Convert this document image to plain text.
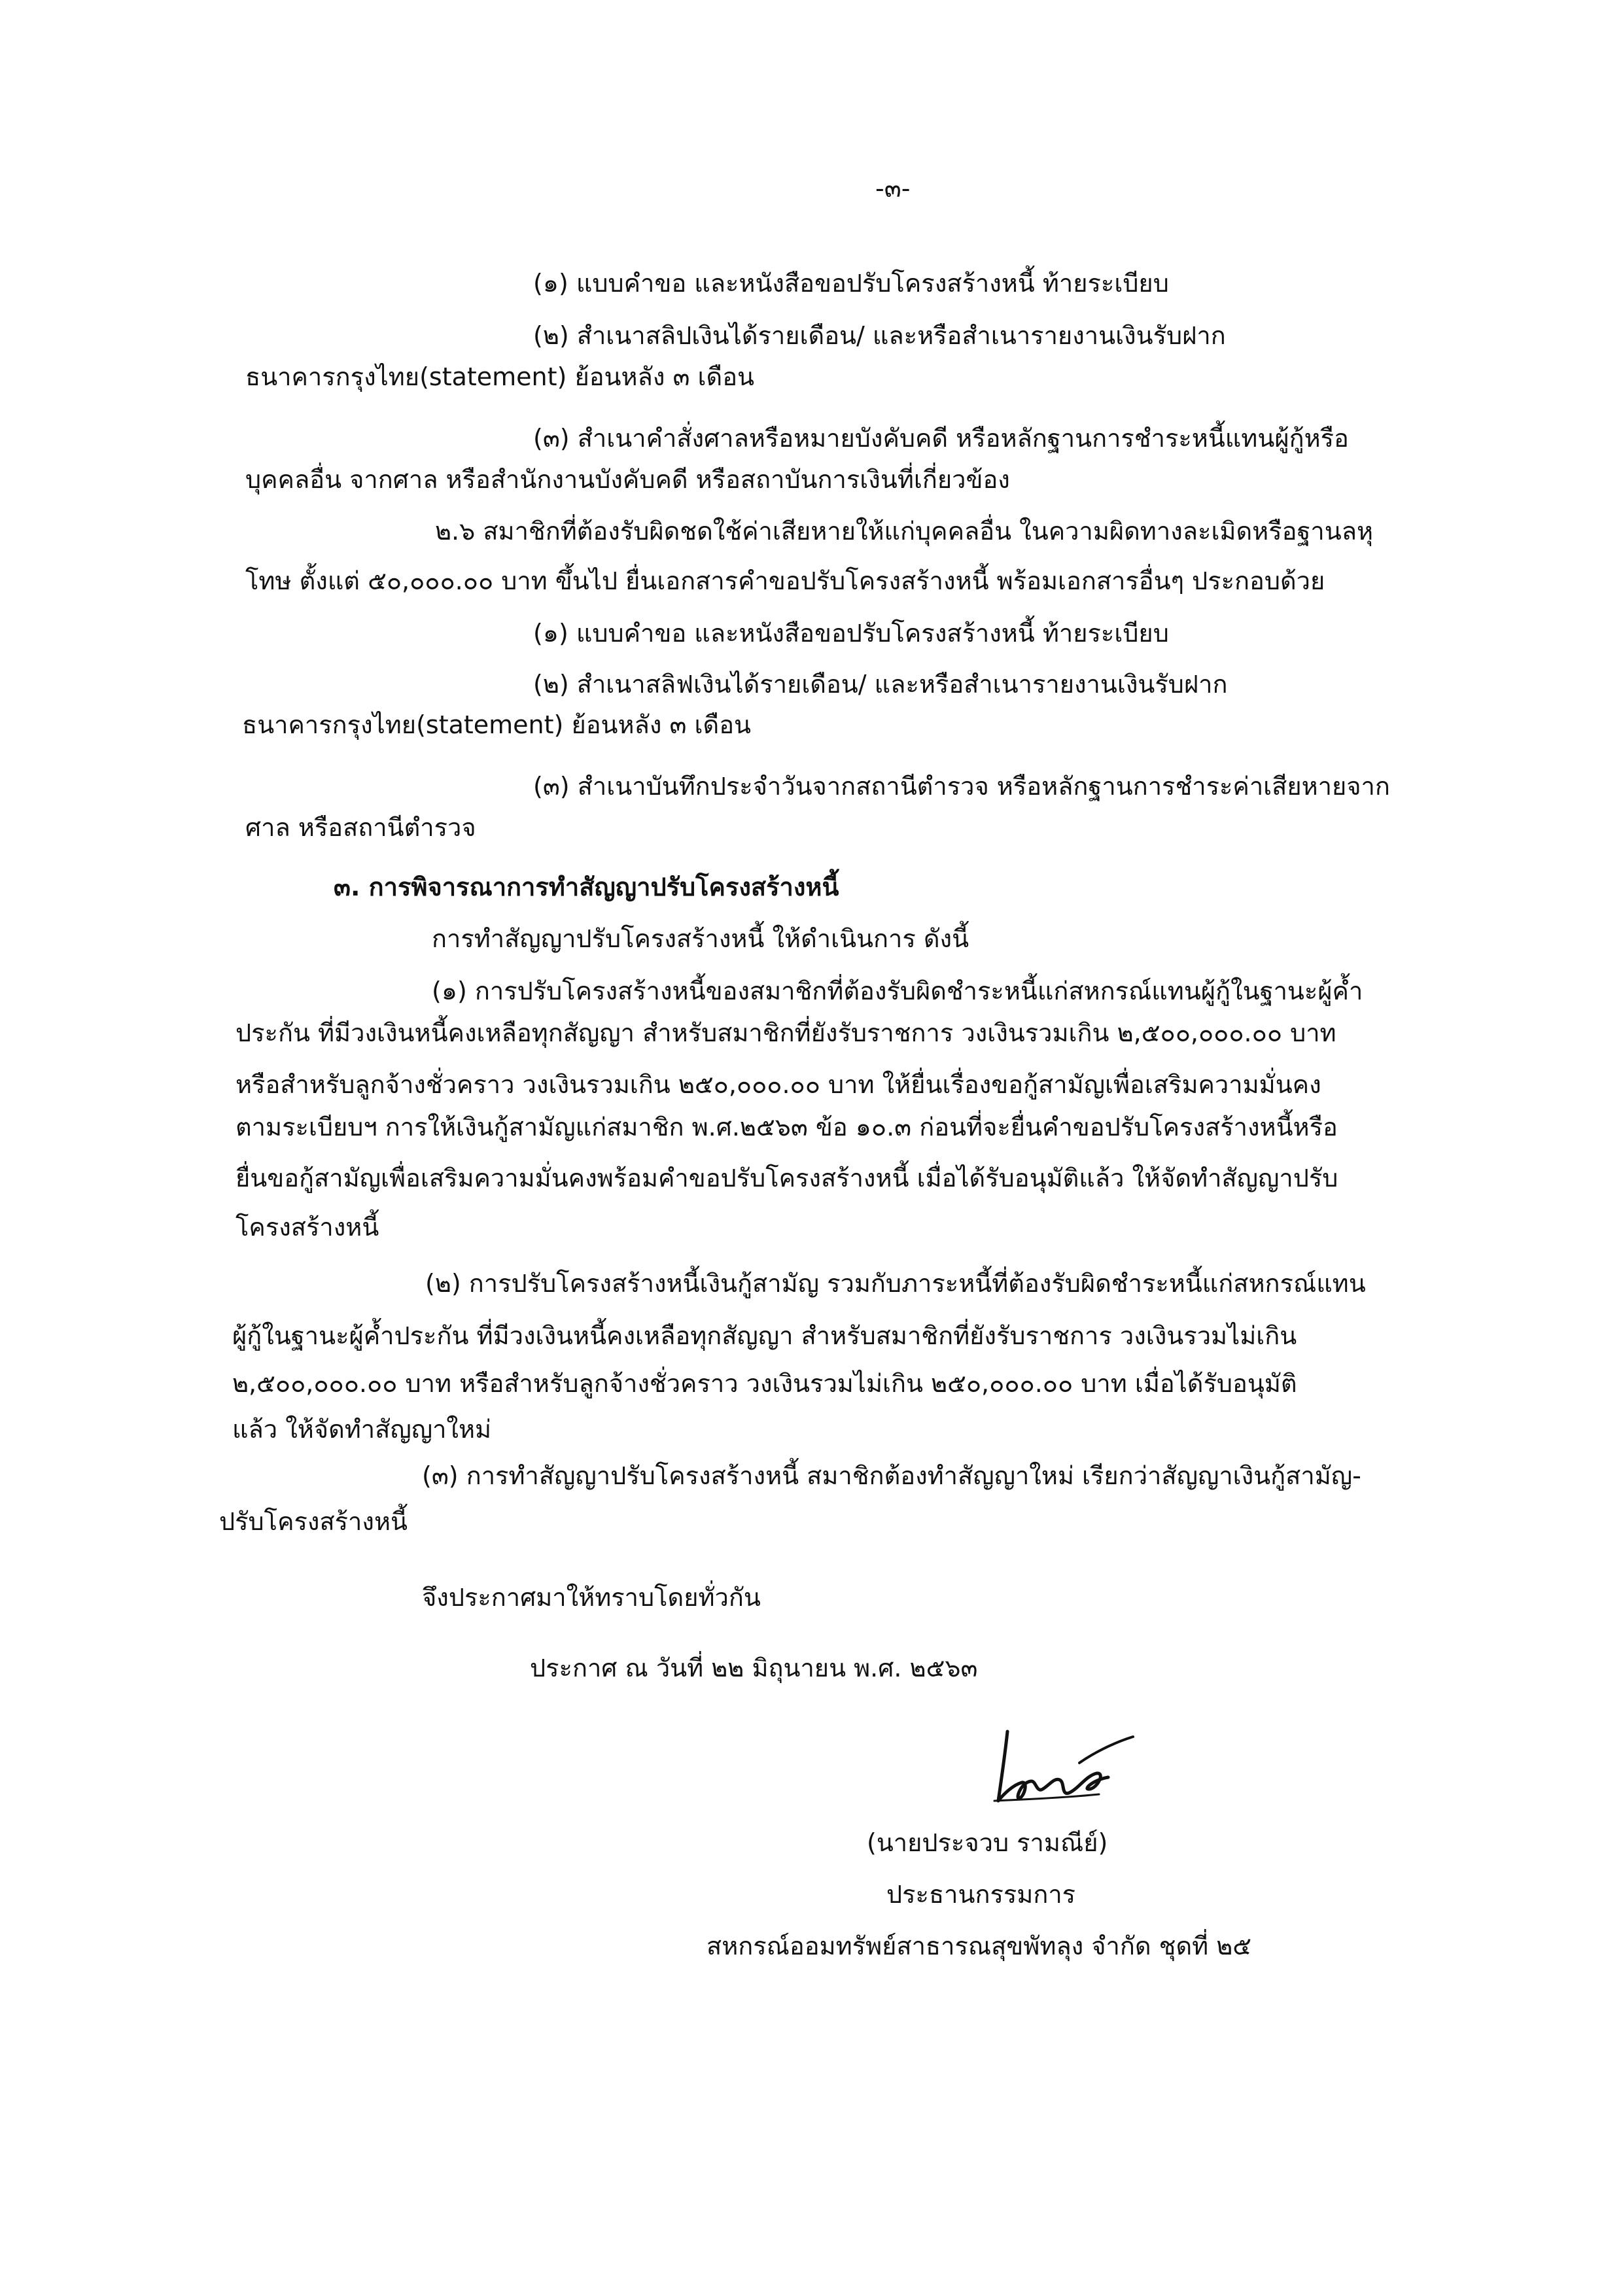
-๓-

(๑) แบบคำขอ และหนังสือขอปรับโครงสร้างหนี้ ท้ายระเบียบ

(๒) สำเนาสลิปเงินได้รายเดือน/ และหรือสำเนารายงานเงินรับฝาก

ธนาคารกรุงไทย(statement) ย้อนหลัง ๓ เดือน

(๓) สำเนาคำสั่งศาลหรือหมายบังคับคดี หรือหลักฐานการชำระหนี้แทนผู้กู้หรือ

บุคคลอื่น จากศาล หรือสำนักงานบังคับคดี หรือสถาบันการเงินที่เกี่ยวข้อง

๒.๖ สมาชิกที่ต้องรับผิดชดใช้ค่าเสียหายให้แก่บุคคลอื่น ในความผิดทางละเมิดหรือฐานลหุ

โทษ ตั้งแต่ ๕๐,๐๐๐.๐๐ บาท ขึ้นไป ยื่นเอกสารคำขอปรับโครงสร้างหนี้ พร้อมเอกสารอื่นๆ ประกอบด้วย

(๑) แบบคำขอ และหนังสือขอปรับโครงสร้างหนี้ ท้ายระเบียบ

(๒) สำเนาสลิฟเงินได้รายเดือน/ และหรือสำเนารายงานเงินรับฝาก

ธนาคารกรุงไทย(statement) ย้อนหลัง ๓ เดือน

(๓) สำเนาบันทึกประจำวันจากสถานีตำรวจ หรือหลักฐานการชำระค่าเสียหายจาก

ศาล หรือสถานีตำรวจ

๓. การพิจารณาการทำสัญญาปรับโครงสร้างหนี้

การทำสัญญาปรับโครงสร้างหนี้ ให้ดำเนินการ ดังนี้

(๑) การปรับโครงสร้างหนี้ของสมาชิกที่ต้องรับผิดชำระหนี้แก่สหกรณ์แทนผู้กู้ในฐานะผู้ค้ำ

ประกัน ที่มีวงเงินหนี้คงเหลือทุกสัญญา สำหรับสมาชิกที่ยังรับราชการ วงเงินรวมเกิน ๒,๕๐๐,๐๐๐.๐๐ บาท

หรือสำหรับลูกจ้างชั่วคราว วงเงินรวมเกิน ๒๕๐,๐๐๐.๐๐ บาท ให้ยื่นเรื่องขอกู้สามัญเพื่อเสริมความมั่นคง

ตามระเบียบฯ การให้เงินกู้สามัญแก่สมาชิก พ.ศ.๒๕๖๓ ข้อ ๑๐.๓ ก่อนที่จะยื่นคำขอปรับโครงสร้างหนี้หรือ

ยื่นขอกู้สามัญเพื่อเสริมความมั่นคงพร้อมคำขอปรับโครงสร้างหนี้ เมื่อได้รับอนุมัติแล้ว ให้จัดทำสัญญาปรับ

โครงสร้างหนี้

(๒) การปรับโครงสร้างหนี้เงินกู้สามัญ รวมกับภาระหนี้ที่ต้องรับผิดชำระหนี้แก่สหกรณ์แทน

ผู้กู้ในฐานะผู้ค้ำประกัน ที่มีวงเงินหนี้คงเหลือทุกสัญญา สำหรับสมาชิกที่ยังรับราชการ วงเงินรวมไม่เกิน

๒,๕๐๐,๐๐๐.๐๐ บาท หรือสำหรับลูกจ้างชั่วคราว วงเงินรวมไม่เกิน ๒๕๐,๐๐๐.๐๐ บาท เมื่อได้รับอนุมัติ

แล้ว ให้จัดทำสัญญาใหม่

(๓) การทำสัญญาปรับโครงสร้างหนี้ สมาชิกต้องทำสัญญาใหม่ เรียกว่าสัญญาเงินกู้สามัญ-

ปรับโครงสร้างหนี้

จึงประกาศมาให้ทราบโดยทั่วกัน

ประกาศ ณ วันที่ ๒๒ มิถุนายน พ.ศ. ๒๕๖๓

(นายประจวบ รามณีย์)

ประธานกรรมการ

สหกรณ์ออมทรัพย์สาธารณสุขพัทลุง จำกัด ชุดที่ ๒๕
